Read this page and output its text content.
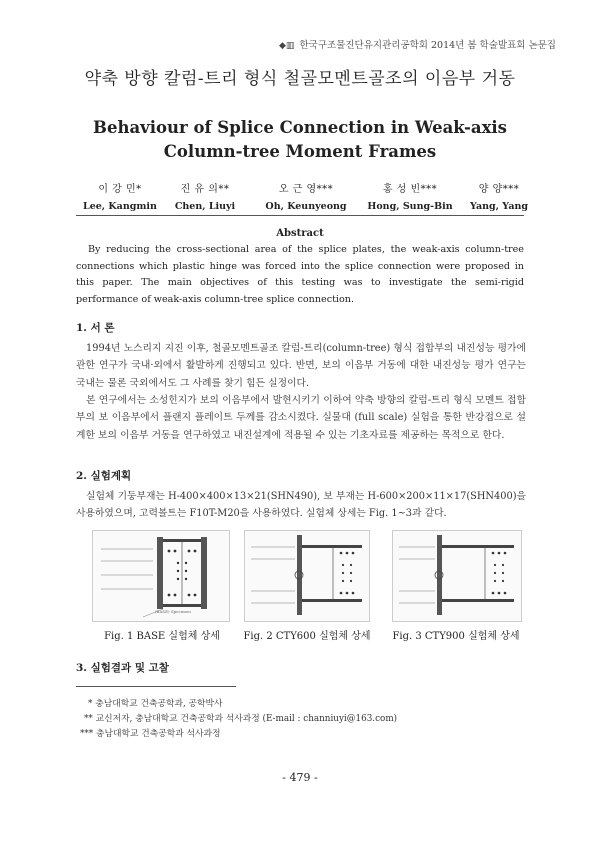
◆▥ 한국구조물진단유지관리공학회 2014년 봄 학술발표회 논문집
약축 방향 칼럼-트리 형식 철골모멘트골조의 이음부 거동
Behaviour of Splice Connection in Weak-axis Column-tree Moment Frames
이 강 민*
Lee, Kangmin
진 유 의**
Chen, Liuyi
오 근 영***
Oh, Keunyeong
홍 성 빈***
Hong, Sung-Bin
양 양***
Yang, Yang
Abstract
By reducing the cross-sectional area of the splice plates, the weak-axis column-tree connections which plastic hinge was forced into the splice connection were proposed in this paper. The main objectives of this testing was to investigate the semi-rigid performance of weak-axis column-tree splice connection.
1. 서 론
1994년 노스리지 지진 이후, 철골모멘트골조 칼럼-트리(column-tree) 형식 접합부의 내진성능 평가에 관한 연구가 국내·외에서 활발하게 진행되고 있다. 반면, 보의 이음부 거동에 대한 내진성능 평가 연구는 국내는 물론 국외에서도 그 사례를 찾기 힘든 실정이다.
본 연구에서는 소성힌지가 보의 이음부에서 발현시키기 이하여 약축 방향의 칼럼-트리 형식 모멘트 접합부의 보 이음부에서 플랜지 플레이트 두께를 감소시켰다. 실물대 (full scale) 실험을 통한 반강접으로 설계한 보의 이음부 거동을 연구하였고 내진설계에 적용될 수 있는 기초자료를 제공하는 목적으로 한다.
2. 실험계획
실험체 기둥부재는 H-400×400×13×21(SHN490), 보 부재는 H-600×200×11×17(SHN400)을 사용하였으며, 고력볼트는 F10T-M20을 사용하였다. 실험체 상세는 Fig. 1~3과 같다.
(BASE) Specimen
Fig. 1 BASE 실험체 상세	Fig. 2 CTY600 실험체 상세	Fig. 3 CTY900 실험체 상세
3. 실험결과 및 고찰
* 충남대학교 건축공학과, 공학박사
** 교신저자, 충남대학교 건축공학과 석사과정 (E-mail : channiuyi@163.com)
*** 충남대학교 건축공학과 석사과정
- 479 -
